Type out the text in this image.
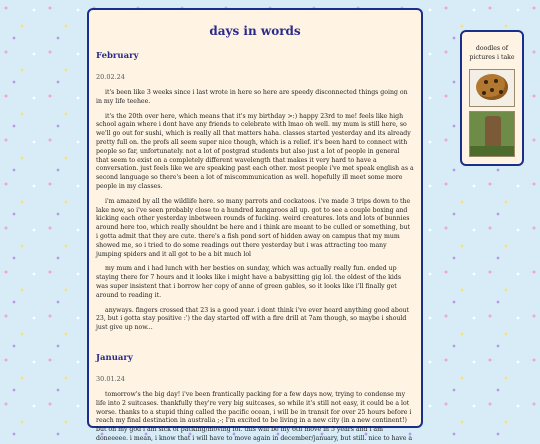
days in words
February
20.02.24

it's been like 3 weeks since i last wrote in here so here are speedy disconnected things going on in my life teehee.

it's the 20th over here, which means that it's my birthday >:) happy 23rd to me! feels like high school again where i dont have any friends to celebrate with lmao oh well. my mum is still here, so we'll go out for sushi, which is really all that matters haha. classes started yesterday and its already pretty full on. the profs all seem super nice though, which is a relief. it's been hard to connect with people so far, unfortunately. not a lot of postgrad students but also just a lot of people in general that seem to exist on a completely different wavelength that makes it very hard to have a conversation. just feels like we are speaking past each other. most people i've met speak english as a second language so there's been a lot of miscommunication as well. hopefully ill meet some more people in my classes.

i'm amazed by all the wildlife here. so many parrots and cockatoos. i've made 3 trips down to the lake now, so i've seen probably close to a hundred kangaroos all up. got to see a couple boxing and kicking each other yesterday inbetween rounds of fucking. weird creatures. lots and lots of bunnies around here too, which really shouldnt be here and i think are meant to be culled or something, but i gotta admit that they are cute. there's a fish pond sort of hidden away on campus that my mum showed me, so i tried to do some readings out there yesterday but i was attracting too many jumping spiders and it all got to be a bit much lol

my mum and i had lunch with her besties on sunday, which was actually really fun. ended up staying there for 7 hours and it looks like i might have a babysitting gig lol. the oldest of the kids was super insistent that i borrow her copy of anne of green gables, so it looks like i'll finally get around to reading it.

anyways. fingers crossed that 23 is a good year. i dont think i've ever heard anything good about 23, but i gotta stay positive :') the day started off with a fire drill at 7am though, so maybe i should just give up now...

January
30.01.24

tomorrow's the big day! i've been frantically packing for a few days now, trying to condense my life into 2 suitcases. thankfully they're very big suitcases, so while it's still not easy, it could be a lot worse. thanks to a stupid thing called the pacific ocean, i will be in transit for over 25 hours before i reach my final destination in australia ;-; I'm excited to be living in a new city (in a new continent!) but oh my god i am sick of packing/moving lol. this will be my 6th move in 5 years and i am doneeeee. i mean, i know that i will have to move again in december/january, but still. nice to have a

doodles of pictures i take
